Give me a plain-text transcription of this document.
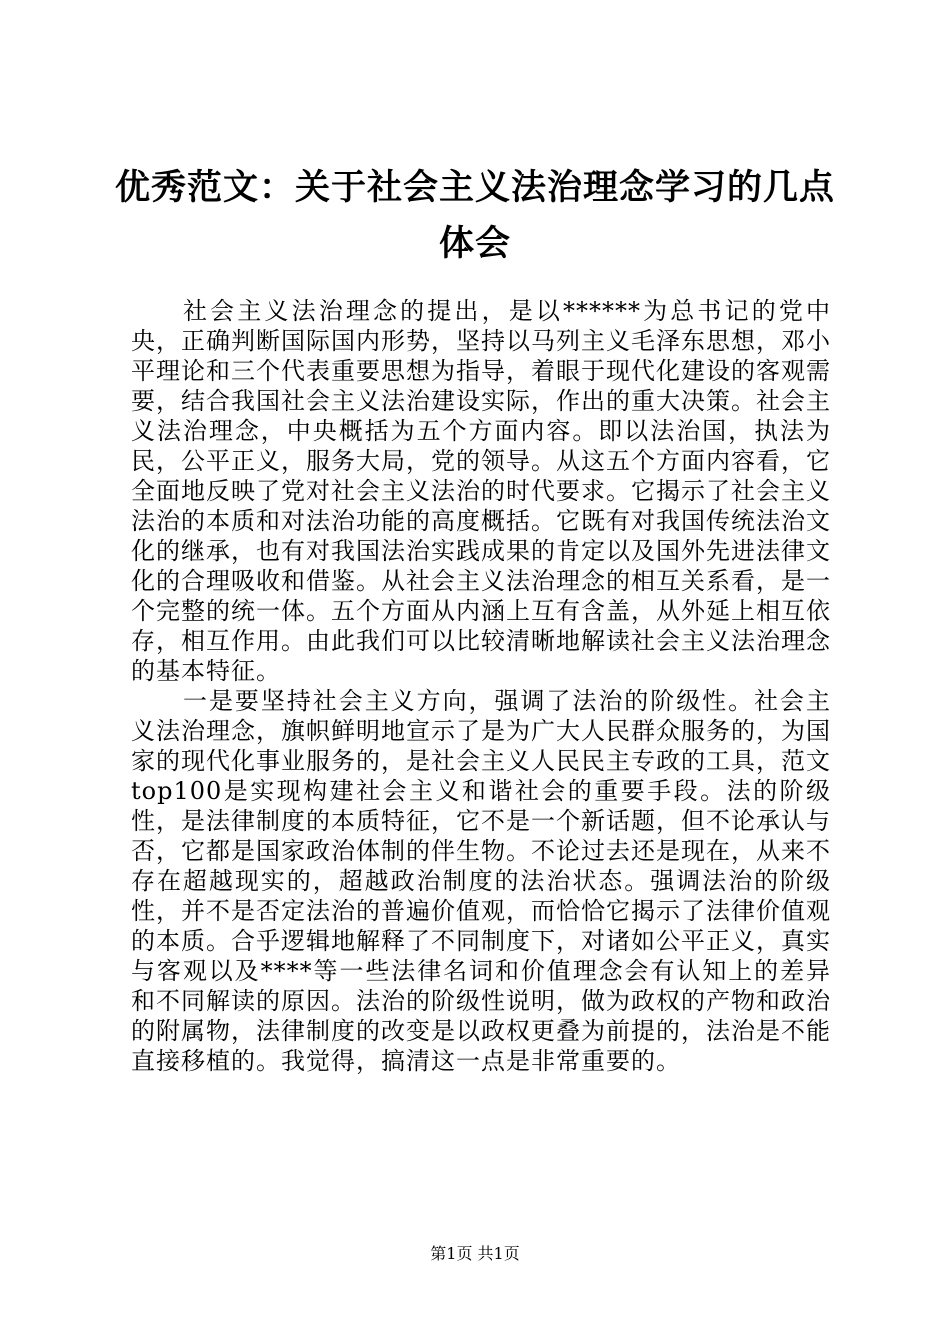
优秀范文：关于社会主义法治理念学习的几点体会

社会主义法治理念的提出，是以******为总书记的党中央，正确判断国际国内形势，坚持以马列主义毛泽东思想，邓小平理论和三个代表重要思想为指导，着眼于现代化建设的客观需要，结合我国社会主义法治建设实际，作出的重大决策。社会主义法治理念，中央概括为五个方面内容。即以法治国，执法为民，公平正义，服务大局，党的领导。从这五个方面内容看，它全面地反映了党对社会主义法治的时代要求。它揭示了社会主义法治的本质和对法治功能的高度概括。它既有对我国传统法治文化的继承，也有对我国法治实践成果的肯定以及国外先进法律文化的合理吸收和借鉴。从社会主义法治理念的相互关系看，是一个完整的统一体。五个方面从内涵上互有含盖，从外延上相互依存，相互作用。由此我们可以比较清晰地解读社会主义法治理念的基本特征。

一是要坚持社会主义方向，强调了法治的阶级性。社会主义法治理念，旗帜鲜明地宣示了是为广大人民群众服务的，为国家的现代化事业服务的，是社会主义人民民主专政的工具，范文top100是实现构建社会主义和谐社会的重要手段。法的阶级性，是法律制度的本质特征，它不是一个新话题，但不论承认与否，它都是国家政治体制的伴生物。不论过去还是现在，从来不存在超越现实的，超越政治制度的法治状态。强调法治的阶级性，并不是否定法治的普遍价值观，而恰恰它揭示了法律价值观的本质。合乎逻辑地解释了不同制度下，对诸如公平正义，真实与客观以及****等一些法律名词和价值理念会有认知上的差异和不同解读的原因。法治的阶级性说明，做为政权的产物和政治的附属物，法律制度的改变是以政权更叠为前提的，法治是不能直接移植的。我觉得，搞清这一点是非常重要的。

第1页 共1页
